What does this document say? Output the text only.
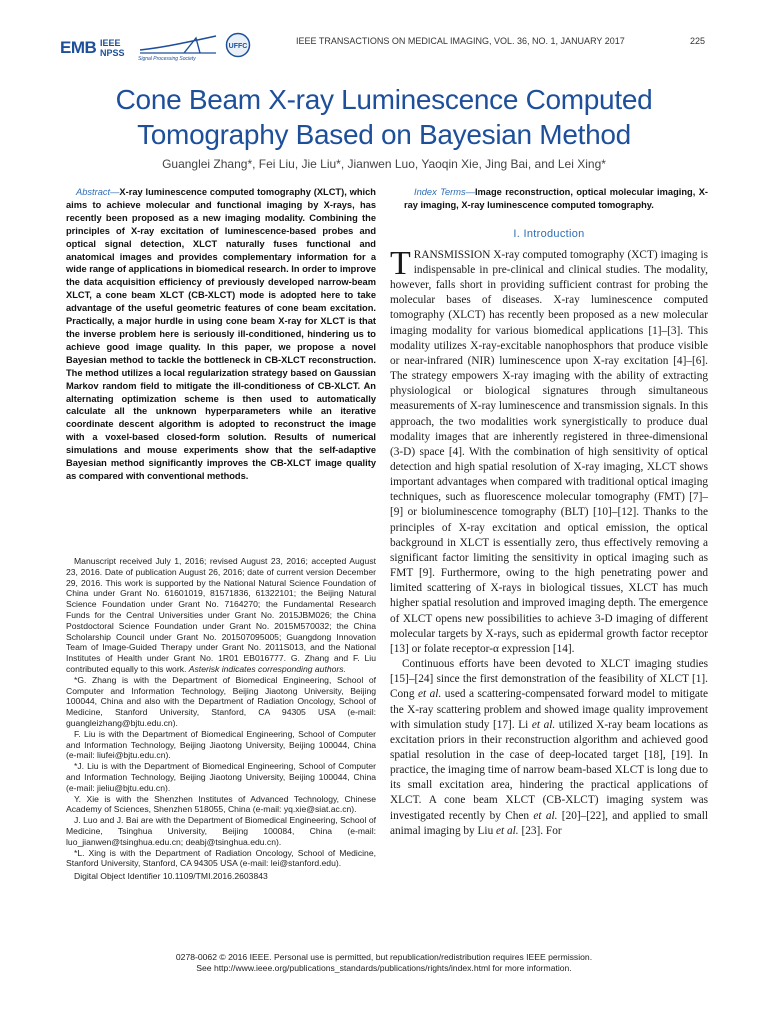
EMB IEEE
NPSS
Signal Processing Society
UFFC
IEEE TRANSACTIONS ON MEDICAL IMAGING, VOL. 36, NO. 1, JANUARY 2017	225
Cone Beam X-ray Luminescence Computed
Tomography Based on Bayesian Method
Guanglei Zhang*, Fei Liu, Jie Liu*, Jianwen Luo, Yaoqin Xie, Jing Bai, and Lei Xing*

Abstract—X-ray luminescence computed tomography (XLCT), which aims to achieve molecular and functional imaging by X-rays, has recently been proposed as a new imaging modality. Combining the principles of X-ray excitation of luminescence-based probes and optical signal detection, XLCT naturally fuses functional and anatomical images and provides complementary information for a wide range of applications in biomedical research. In order to improve the data acquisition efficiency of previously developed narrow-beam XLCT, a cone beam XLCT (CB-XLCT) mode is adopted here to take advantage of the useful geometric features of cone beam excitation. Practically, a major hurdle in using cone beam X-ray for XLCT is that the inverse problem here is seriously ill-conditioned, hindering us to achieve good image quality. In this paper, we propose a novel Bayesian method to tackle the bottleneck in CB-XLCT reconstruction. The method utilizes a local regularization strategy based on Gaussian Markov random field to mitigate the ill-conditioness of CB-XLCT. An alternating optimization scheme is then used to automatically calculate all the unknown hyperparameters while an iterative coordinate descent algorithm is adopted to reconstruct the image with a voxel-based closed-form solution. Results of numerical simulations and mouse experiments show that the self-adaptive Bayesian method significantly improves the CB-XLCT image quality as compared with conventional methods.

Manuscript received July 1, 2016; revised August 23, 2016; accepted August 23, 2016. Date of publication August 26, 2016; date of current version December 29, 2016. This work is supported by the National Natural Science Foundation of China under Grant No. 61601019, 81571836, 61322101; the Beijing Natural Science Foundation under Grant No. 7164270; the Fundamental Research Funds for the Central Universities under Grant No. 2015JBM026; the China Postdoctoral Science Foundation under Grant No. 2015M570032; the China Scholarship Council under Grant No. 201507095005; Guangdong Innovation Team of Image-Guided Therapy under Grant No. 2011S013, and the National Institutes of Health under Grant No. 1R01 EB016777. G. Zhang and F. Liu contributed equally to this work. Asterisk indicates corresponding authors.

*G. Zhang is with the Department of Biomedical Engineering, School of Computer and Information Technology, Beijing Jiaotong University, Beijing 100044, China and also with the Department of Radiation Oncology, School of Medicine, Stanford University, Stanford, CA 94305 USA (e-mail: guangleizhang@bjtu.edu.cn).

F. Liu is with the Department of Biomedical Engineering, School of Computer and Information Technology, Beijing Jiaotong University, Beijing 100044, China (e-mail: liufei@bjtu.edu.cn).

*J. Liu is with the Department of Biomedical Engineering, School of Computer and Information Technology, Beijing Jiaotong University, Beijing 100044, China (e-mail: jieliu@bjtu.edu.cn).

Y. Xie is with the Shenzhen Institutes of Advanced Technology, Chinese Academy of Sciences, Shenzhen 518055, China (e-mail: yq.xie@siat.ac.cn).

J. Luo and J. Bai are with the Department of Biomedical Engineering, School of Medicine, Tsinghua University, Beijing 100084, China (e-mail: luo_jianwen@tsinghua.edu.cn; deabj@tsinghua.edu.cn).

*L. Xing is with the Department of Radiation Oncology, School of Medicine, Stanford University, Stanford, CA 94305 USA (e-mail: lei@stanford.edu).

Digital Object Identifier 10.1109/TMI.2016.2603843

Index Terms—Image reconstruction, optical molecular imaging, X-ray imaging, X-ray luminescence computed tomography.

I. Introduction

TRANSMISSION X-ray computed tomography (XCT) imaging is indispensable in pre-clinical and clinical studies. The modality, however, falls short in providing sufficient contrast for probing the molecular bases of diseases. X-ray luminescence computed tomography (XLCT) has recently been proposed as a new molecular imaging modality for various biomedical applications [1]–[3]. This modality utilizes X-ray-excitable nanophosphors that produce visible or near-infrared (NIR) luminescence upon X-ray excitation [4]–[6]. The strategy empowers X-ray imaging with the ability of extracting physiological or biological signatures through simultaneous measurements of X-ray luminescence and transmission signals. In this approach, the two modalities work synergistically to produce dual modality images that are inherently registered in three-dimensional (3-D) space [4]. With the combination of high sensitivity of optical detection and high spatial resolution of X-ray imaging, XLCT shows important advantages when compared with traditional optical imaging techniques, such as fluorescence molecular tomography (FMT) [7]–[9] or bioluminescence tomography (BLT) [10]–[12]. Thanks to the principles of X-ray excitation and optical emission, the optical background in XLCT is essentially zero, thus effectively removing a significant factor limiting the sensitivity in optical imaging such as FMT [9]. Furthermore, owing to the high penetrating power and limited scattering of X-rays in biological tissues, XLCT has much higher spatial resolution and improved imaging depth. The emergence of XLCT opens new possibilities to achieve 3-D imaging of different molecular targets by X-rays, such as epidermal growth factor receptor [13] or folate receptor-α expression [14].

Continuous efforts have been devoted to XLCT imaging studies [15]–[24] since the first demonstration of the feasibility of XLCT [1]. Cong et al. used a scattering-compensated forward model to mitigate the X-ray scattering problem and showed image quality improvement with simulation study [17]. Li et al. utilized X-ray beam locations as excitation priors in their reconstruction algorithm and achieved good spatial resolution in the case of deep-located target [18], [19]. In practice, the imaging time of narrow beam-based XLCT is long due to its small excitation area, hindering the practical applications of XLCT. A cone beam XLCT (CB-XLCT) imaging system was investigated recently by Chen et al. [20]–[22], and applied to small animal imaging by Liu et al. [23]. For

0278-0062 © 2016 IEEE. Personal use is permitted, but republication/redistribution requires IEEE permission.
See http://www.ieee.org/publications_standards/publications/rights/index.html for more information.
